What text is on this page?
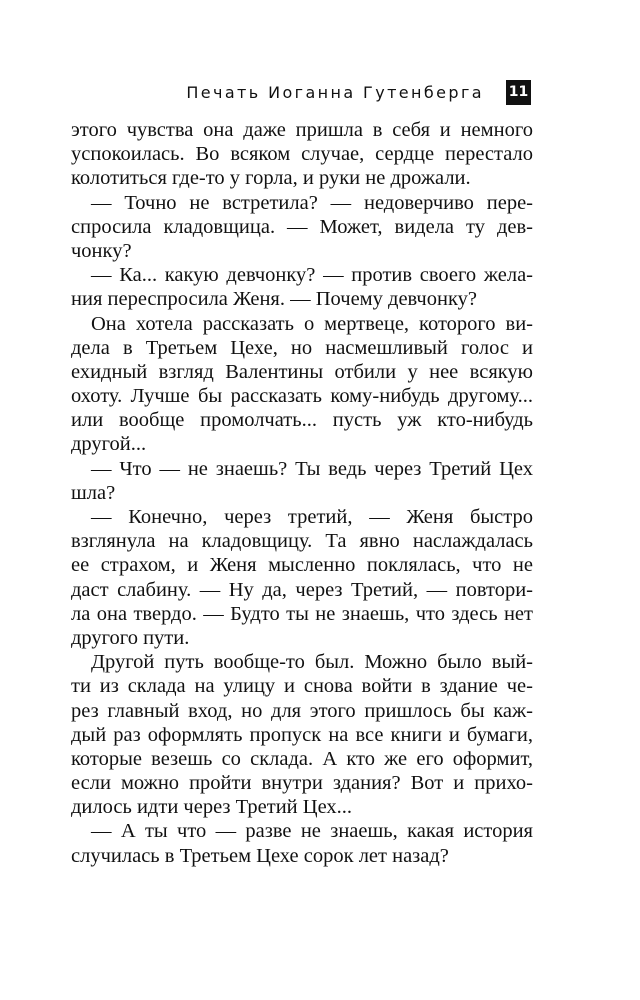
Печать Иоганна Гутенберга 11
этого чувства она даже пришла в себя и немного
успокоилась. Во всяком случае, сердце перестало
колотиться где-то у горла, и руки не дрожали.
— Точно не встретила? — недоверчиво пере-
спросила кладовщица. — Может, видела ту дев-
чонку?
— Ка... какую девчонку? — против своего жела-
ния переспросила Женя. — Почему девчонку?
Она хотела рассказать о мертвеце, которого ви-
дела в Третьем Цехе, но насмешливый голос и
ехидный взгляд Валентины отбили у нее всякую
охоту. Лучше бы рассказать кому-нибудь другому...
или вообще промолчать... пусть уж кто-нибудь
другой...
— Что — не знаешь? Ты ведь через Третий Цех
шла?
— Конечно, через третий, — Женя быстро
взглянула на кладовщицу. Та явно наслаждалась
ее страхом, и Женя мысленно поклялась, что не
даст слабину. — Ну да, через Третий, — повтори-
ла она твердо. — Будто ты не знаешь, что здесь нет
другого пути.
Другой путь вообще-то был. Можно было вый-
ти из склада на улицу и снова войти в здание че-
рез главный вход, но для этого пришлось бы каж-
дый раз оформлять пропуск на все книги и бумаги,
которые везешь со склада. А кто же его оформит,
если можно пройти внутри здания? Вот и прихо-
дилось идти через Третий Цех...
— А ты что — разве не знаешь, какая история
случилась в Третьем Цехе сорок лет назад?
